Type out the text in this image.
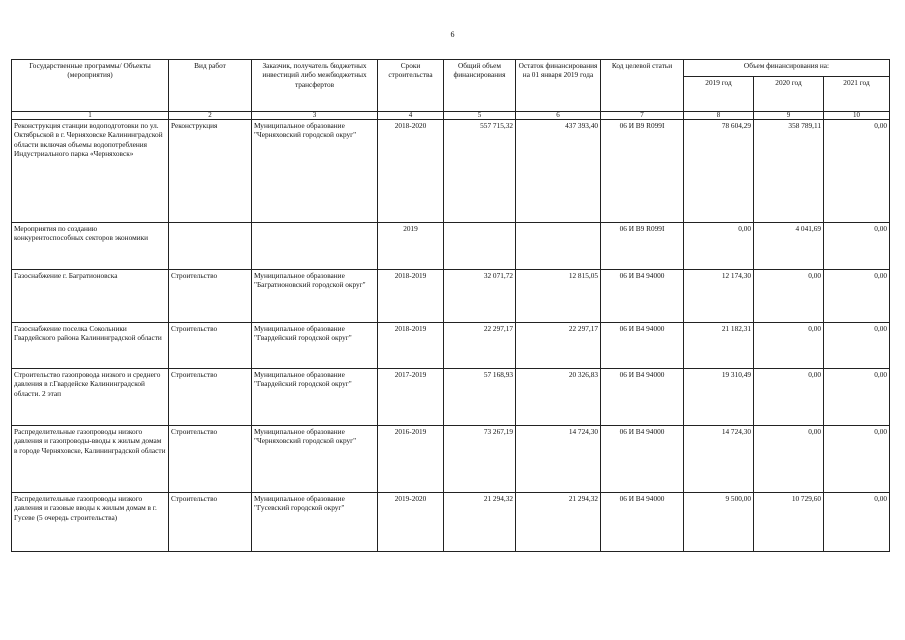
6
Государственные программы/ Объекты (мероприятия)	Вид работ	Заказчик, получатель бюджетных инвестиций либо межбюджетных трансфертов	Сроки строительства	Общий объем финансирования	Остаток финансирования на 01 января 2019 года	Код целевой статьи	Объем финансирования на:		
							2019 год	2020 год	2021 год
1	2	3	4	5	6	7	8	9	10
Реконструкция станции водоподготовки по ул. Октябрьской в г. Черняховске Калининградской области включая объемы водопотребления Индустриального парка «Черняховск»	Реконструкция	Муниципальное образование "Черняховский городской округ"	2018-2020	557 715,32	437 393,40	06 И В9 R099I	78 604,29	358 789,11	0,00
Мероприятия по созданию конкурентоспособных секторов экономики			2019			06 И В9 R099I	0,00	4 041,69	0,00
Газоснабжение г. Багратионовска	Строительство	Муниципальное образование "Багратионовский городской округ"	2018-2019	32 071,72	12 815,05	06 И В4 94000	12 174,30	0,00	0,00
Газоснабжение поселка Сокольники Гвардейского района Калининградской области	Строительство	Муниципальное образование "Гвардейский городской округ"	2018-2019	22 297,17	22 297,17	06 И В4 94000	21 182,31	0,00	0,00
Строительство газопровода низкого и среднего давления в г.Гвардейске Калининградской области. 2 этап	Строительство	Муниципальное образование "Гвардейский городской округ"	2017-2019	57 168,93	20 326,83	06 И В4 94000	19 310,49	0,00	0,00
Распределительные газопроводы низкого давления и газопроводы-вводы к жилым домам в городе Черняховске, Калининградской области	Строительство	Муниципальное образование "Черняховский городской округ"	2016-2019	73 267,19	14 724,30	06 И В4 94000	14 724,30	0,00	0,00
Распределительные газопроводы низкого давления и газовые вводы к жилым домам в г. Гусеве (5 очередь строительства)	Строительство	Муниципальное образование "Гусевский городской округ"	2019-2020	21 294,32	21 294,32	06 И В4 94000	9 500,00	10 729,60	0,00
